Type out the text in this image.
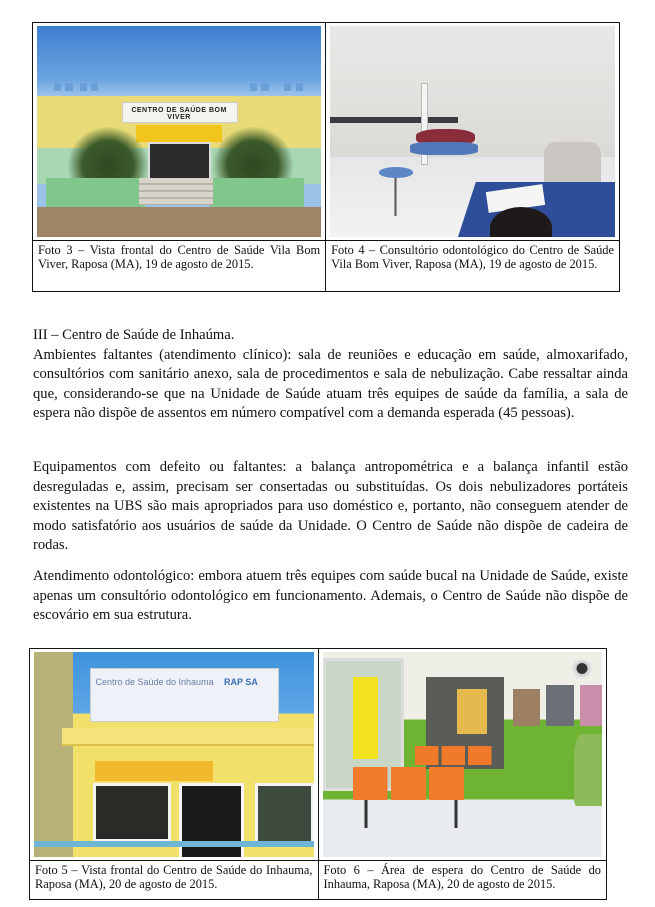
CENTRO DE SAÚDE BOM VIVER	

Foto 3 – Vista frontal do Centro de Saúde Vila Bom Viver, Raposa (MA), 19 de agosto de 2015.	Foto 4 – Consultório odontológico do Centro de Saúde Vila Bom Viver, Raposa (MA), 19 de agosto de 2015.

III – Centro de Saúde de Inhaúma.

Ambientes faltantes (atendimento clínico): sala de reuniões e educação em saúde, almoxarifado, consultórios com sanitário anexo, sala de procedimentos e sala de nebulização. Cabe ressaltar ainda que, considerando-se que na Unidade de Saúde atuam três equipes de saúde da família, a sala de espera não dispõe de assentos em número compatível com a demanda esperada (45 pessoas).

Equipamentos com defeito ou faltantes: a balança antropométrica e a balança infantil estão desreguladas e, assim, precisam ser consertadas ou substituídas. Os dois nebulizadores portáteis existentes na UBS são mais apropriados para uso doméstico e, portanto, não conseguem atender de modo satisfatório aos usuários de saúde da Unidade. O Centro de Saúde não dispõe de cadeira de rodas.

Atendimento odontológico: embora atuem três equipes com saúde bucal na Unidade de Saúde, existe apenas um consultório odontológico em funcionamento. Ademais, o Centro de Saúde não dispõe de escovário em sua estrutura.

Centro de Saúde do Inhauma RAP SA	

Foto 5 – Vista frontal do Centro de Saúde do Inhauma, Raposa (MA), 20 de agosto de 2015.	Foto 6 – Área de espera do Centro de Saúde do Inhauma, Raposa (MA), 20 de agosto de 2015.
